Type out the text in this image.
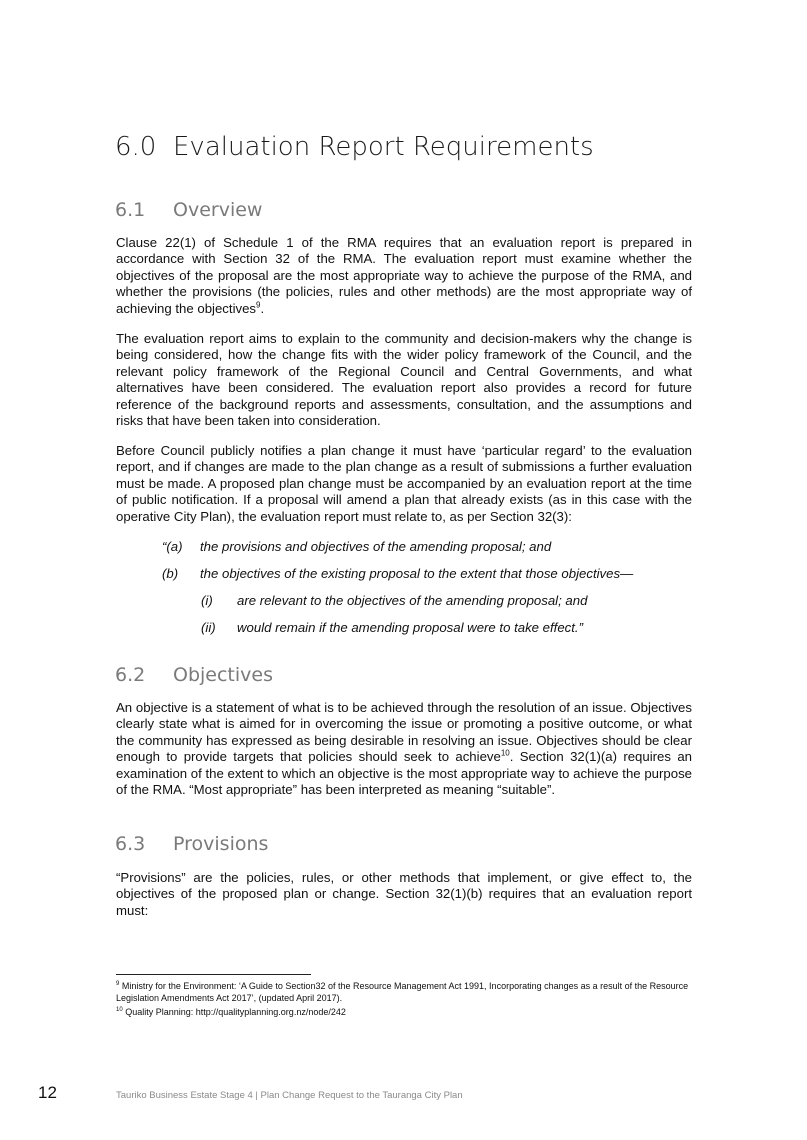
6.0 Evaluation Report Requirements
6.1 Overview

Clause 22(1) of Schedule 1 of the RMA requires that an evaluation report is prepared in accordance with Section 32 of the RMA. The evaluation report must examine whether the objectives of the proposal are the most appropriate way to achieve the purpose of the RMA, and whether the provisions (the policies, rules and other methods) are the most appropriate way of achieving the objectives$^9$.

The evaluation report aims to explain to the community and decision-makers why the change is being considered, how the change fits with the wider policy framework of the Council, and the relevant policy framework of the Regional Council and Central Governments, and what alternatives have been considered. The evaluation report also provides a record for future reference of the background reports and assessments, consultation, and the assumptions and risks that have been taken into consideration.

Before Council publicly notifies a plan change it must have ‘particular regard’ to the evaluation report, and if changes are made to the plan change as a result of submissions a further evaluation must be made. A proposed plan change must be accompanied by an evaluation report at the time of public notification. If a proposal will amend a plan that already exists (as in this case with the operative City Plan), the evaluation report must relate to, as per Section 32(3):

“(a) the provisions and objectives of the amending proposal; and
(b) the objectives of the existing proposal to the extent that those objectives—
(i) are relevant to the objectives of the amending proposal; and
(ii) would remain if the amending proposal were to take effect.”
6.2 Objectives

An objective is a statement of what is to be achieved through the resolution of an issue. Objectives clearly state what is aimed for in overcoming the issue or promoting a positive outcome, or what the community has expressed as being desirable in resolving an issue. Objectives should be clear enough to provide targets that policies should seek to achieve$^{10}$. Section 32(1)(a) requires an examination of the extent to which an objective is the most appropriate way to achieve the purpose of the RMA. “Most appropriate” has been interpreted as meaning “suitable”.

6.3 Provisions

“Provisions” are the policies, rules, or other methods that implement, or give effect to, the objectives of the proposed plan or change. Section 32(1)(b) requires that an evaluation report must:

$^9$ Ministry for the Environment: ‘A Guide to Section32 of the Resource Management Act 1991, Incorporating changes as a result of the Resource Legislation Amendments Act 2017’, (updated April 2017).

$^{10}$ Quality Planning: http://qualityplanning.org.nz/node/242

12	Tauriko Business Estate Stage 4 | Plan Change Request to the Tauranga City Plan
